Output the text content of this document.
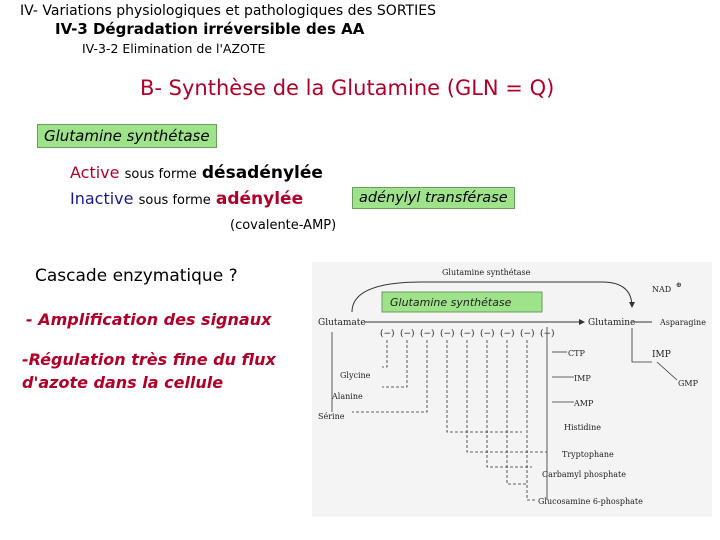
IV- Variations physiologiques et pathologiques des SORTIES
IV-3 Dégradation irréversible des AA
IV-3-2 Elimination de l'AZOTE
B- Synthèse de la Glutamine (GLN = Q)
Glutamine synthétase
Active sous forme désadénylée
Inactive sous forme adénylée	adénylyl transférase
(covalente-AMP)
Cascade enzymatique ?
- Amplification des signaux
-Régulation très fine du flux d'azote dans la cellule
Glutamine synthétase
Glutamate	Glutamine	Asparagine
NAD ⊕
Glutamine synthétase
(−) (−) (−) (−) (−) (−) (−) (−) (−)
Glycine
Alanine
Sérine
CTP
IMP
AMP
IMP
GMP
Histidine
Tryptophane
Carbamyl phosphate
Glucosamine 6-phosphate
